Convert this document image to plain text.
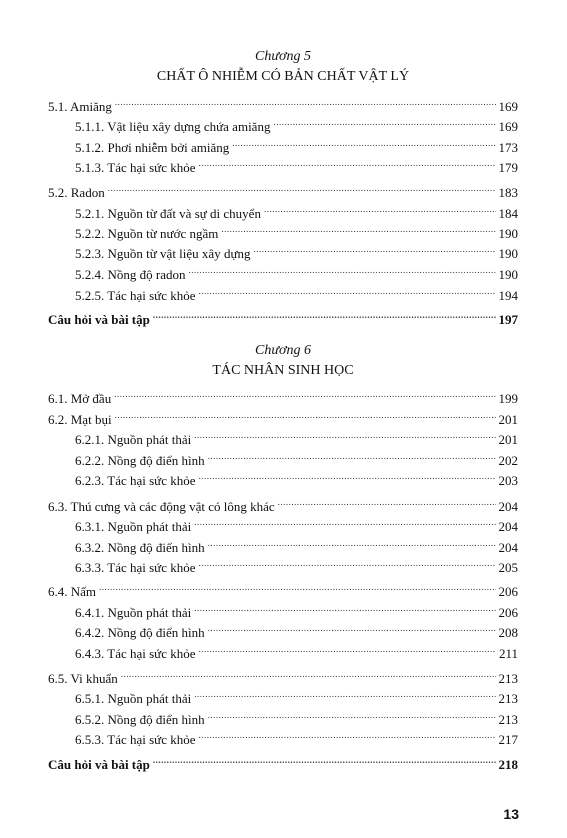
Chương 5
CHẤT Ô NHIỄM CÓ BẢN CHẤT VẬT LÝ
5.1. Amiăng .....	169
5.1.1. Vật liệu xây dựng chứa amiăng .....	169
5.1.2. Phơi nhiễm bởi amiăng .....	173
5.1.3. Tác hại sức khỏe .....	179
5.2. Radon .....	183
5.2.1. Nguồn từ đất và sự di chuyển .....	184
5.2.2. Nguồn từ nước ngầm .....	190
5.2.3. Nguồn từ vật liệu xây dựng .....	190
5.2.4. Nồng độ radon .....	190
5.2.5. Tác hại sức khỏe .....	194
Câu hỏi và bài tập .....	197
Chương 6
TÁC NHÂN SINH HỌC
6.1. Mở đầu .....	199
6.2. Mạt bụi .....	201
6.2.1. Nguồn phát thải .....	201
6.2.2. Nồng độ điển hình .....	202
6.2.3. Tác hại sức khỏe .....	203
6.3. Thú cưng và các động vật có lông khác .....	204
6.3.1. Nguồn phát thải .....	204
6.3.2. Nồng độ điển hình .....	204
6.3.3. Tác hại sức khỏe .....	205
6.4. Nấm .....	206
6.4.1. Nguồn phát thải .....	206
6.4.2. Nồng độ điển hình .....	208
6.4.3. Tác hại sức khỏe .....	211
6.5. Vi khuẩn .....	213
6.5.1. Nguồn phát thải .....	213
6.5.2. Nồng độ điển hình .....	213
6.5.3. Tác hại sức khỏe .....	217
Câu hỏi và bài tập .....	218
13
